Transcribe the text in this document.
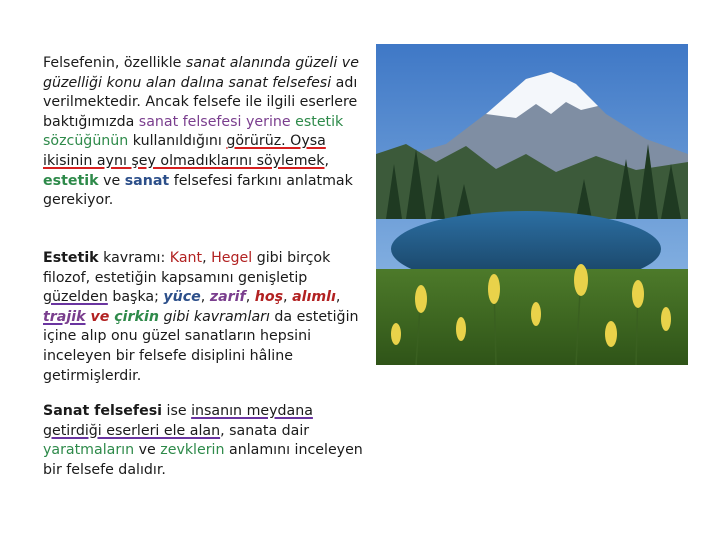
Felsefenin, özellikle sanat alanında güzeli ve güzelliği konu alan dalına sanat felsefesi adı verilmektedir. Ancak felsefe ile ilgili eserlere baktığımızda sanat felsefesi yerine estetik sözcüğünün kullanıldığını görürüz. Oysa ikisinin aynı şey olmadıklarını söylemek, estetik ve sanat felsefesi farkını anlatmak gerekiyor.
Estetik kavramı: Kant, Hegel gibi birçok filozof, estetiğin kapsamını genişletip güzelden başka; yüce, zarif, hoş, alımlı, trajik ve çirkin gibi kavramları da estetiğin içine alıp onu güzel sanatların hepsini inceleyen bir felsefe disiplini hâline getirmişlerdir.
Sanat felsefesi ise insanın meydana getirdiği eserleri ele alan, sanata dair yaratmaların ve zevklerin anlamını inceleyen bir felsefe dalıdır.
